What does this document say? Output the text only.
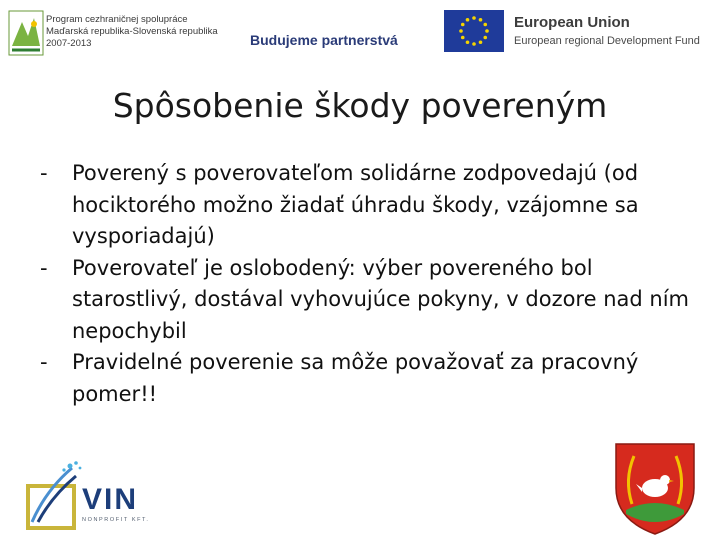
Program cezhraničnej spolupráce
Maďarská republika-Slovenská republika
2007-2013	Budujeme partnerstvá
European Union
European regional Development Fund
Spôsobenie škody povereným
- Poverený s poverovateľom solidárne zodpovedajú (od hociktorého možno žiadať úhradu škody, vzájomne sa vysporiadajú)
- Poverovateľ je oslobodený: výber povereného bol starostlivý, dostával vyhovujúce pokyny, v dozore nad ním nepochybil
- Pravidelné poverenie sa môže považovať za pracovný pomer!!
VIN
NONPROFIT KFT.
